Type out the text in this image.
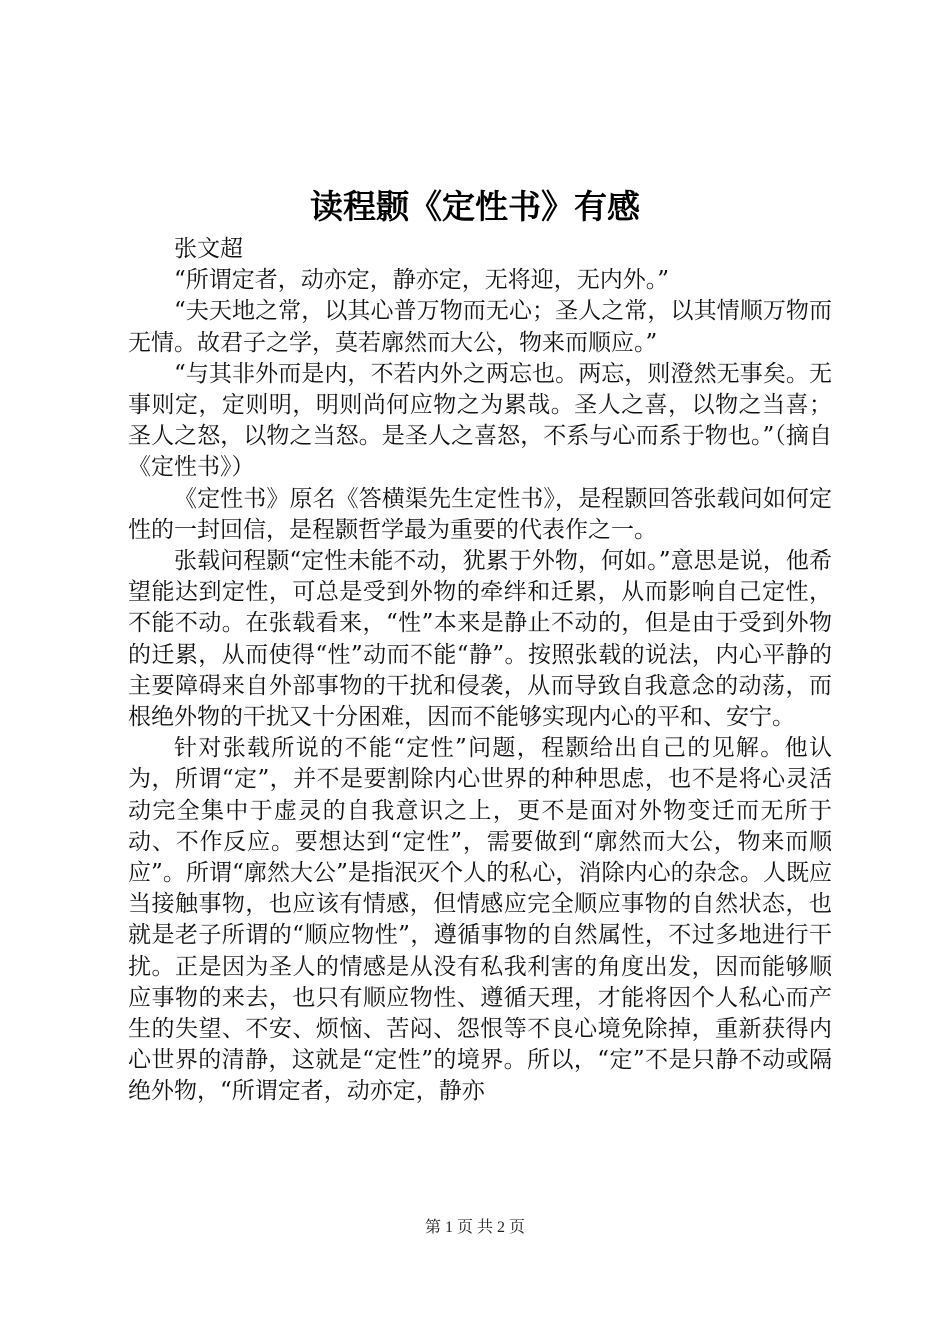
读程颢《定性书》有感

张文超

“所谓定者，动亦定，静亦定，无将迎，无内外。”

“夫天地之常，以其心普万物而无心；圣人之常，以其情顺万物而无情。故君子之学，莫若廓然而大公，物来而顺应。”

“与其非外而是内，不若内外之两忘也。两忘，则澄然无事矣。无事则定，定则明，明则尚何应物之为累哉。圣人之喜，以物之当喜；圣人之怒，以物之当怒。是圣人之喜怒，不系与心而系于物也。”（摘自《定性书》）

《定性书》原名《答横渠先生定性书》，是程颢回答张载问如何定性的一封回信，是程颢哲学最为重要的代表作之一。

张载问程颢“定性未能不动，犹累于外物，何如。”意思是说，他希望能达到定性，可总是受到外物的牵绊和迁累，从而影响自己定性，不能不动。在张载看来，“性”本来是静止不动的，但是由于受到外物的迁累，从而使得“性”动而不能“静”。按照张载的说法，内心平静的主要障碍来自外部事物的干扰和侵袭，从而导致自我意念的动荡，而根绝外物的干扰又十分困难，因而不能够实现内心的平和、安宁。

针对张载所说的不能“定性”问题，程颢给出自己的见解。他认为，所谓“定”，并不是要割除内心世界的种种思虑，也不是将心灵活动完全集中于虚灵的自我意识之上，更不是面对外物变迁而无所于动、不作反应。要想达到“定性”，需要做到“廓然而大公，物来而顺应”。所谓“廓然大公”是指泯灭个人的私心，消除内心的杂念。人既应当接触事物，也应该有情感，但情感应完全顺应事物的自然状态，也就是老子所谓的“顺应物性”，遵循事物的自然属性，不过多地进行干扰。正是因为圣人的情感是从没有私我利害的角度出发，因而能够顺应事物的来去，也只有顺应物性、遵循天理，才能将因个人私心而产生的失望、不安、烦恼、苦闷、怨恨等不良心境免除掉，重新获得内心世界的清静，这就是“定性”的境界。所以，“定”不是只静不动或隔绝外物，“所谓定者，动亦定，静亦

第 1 页 共 2 页
